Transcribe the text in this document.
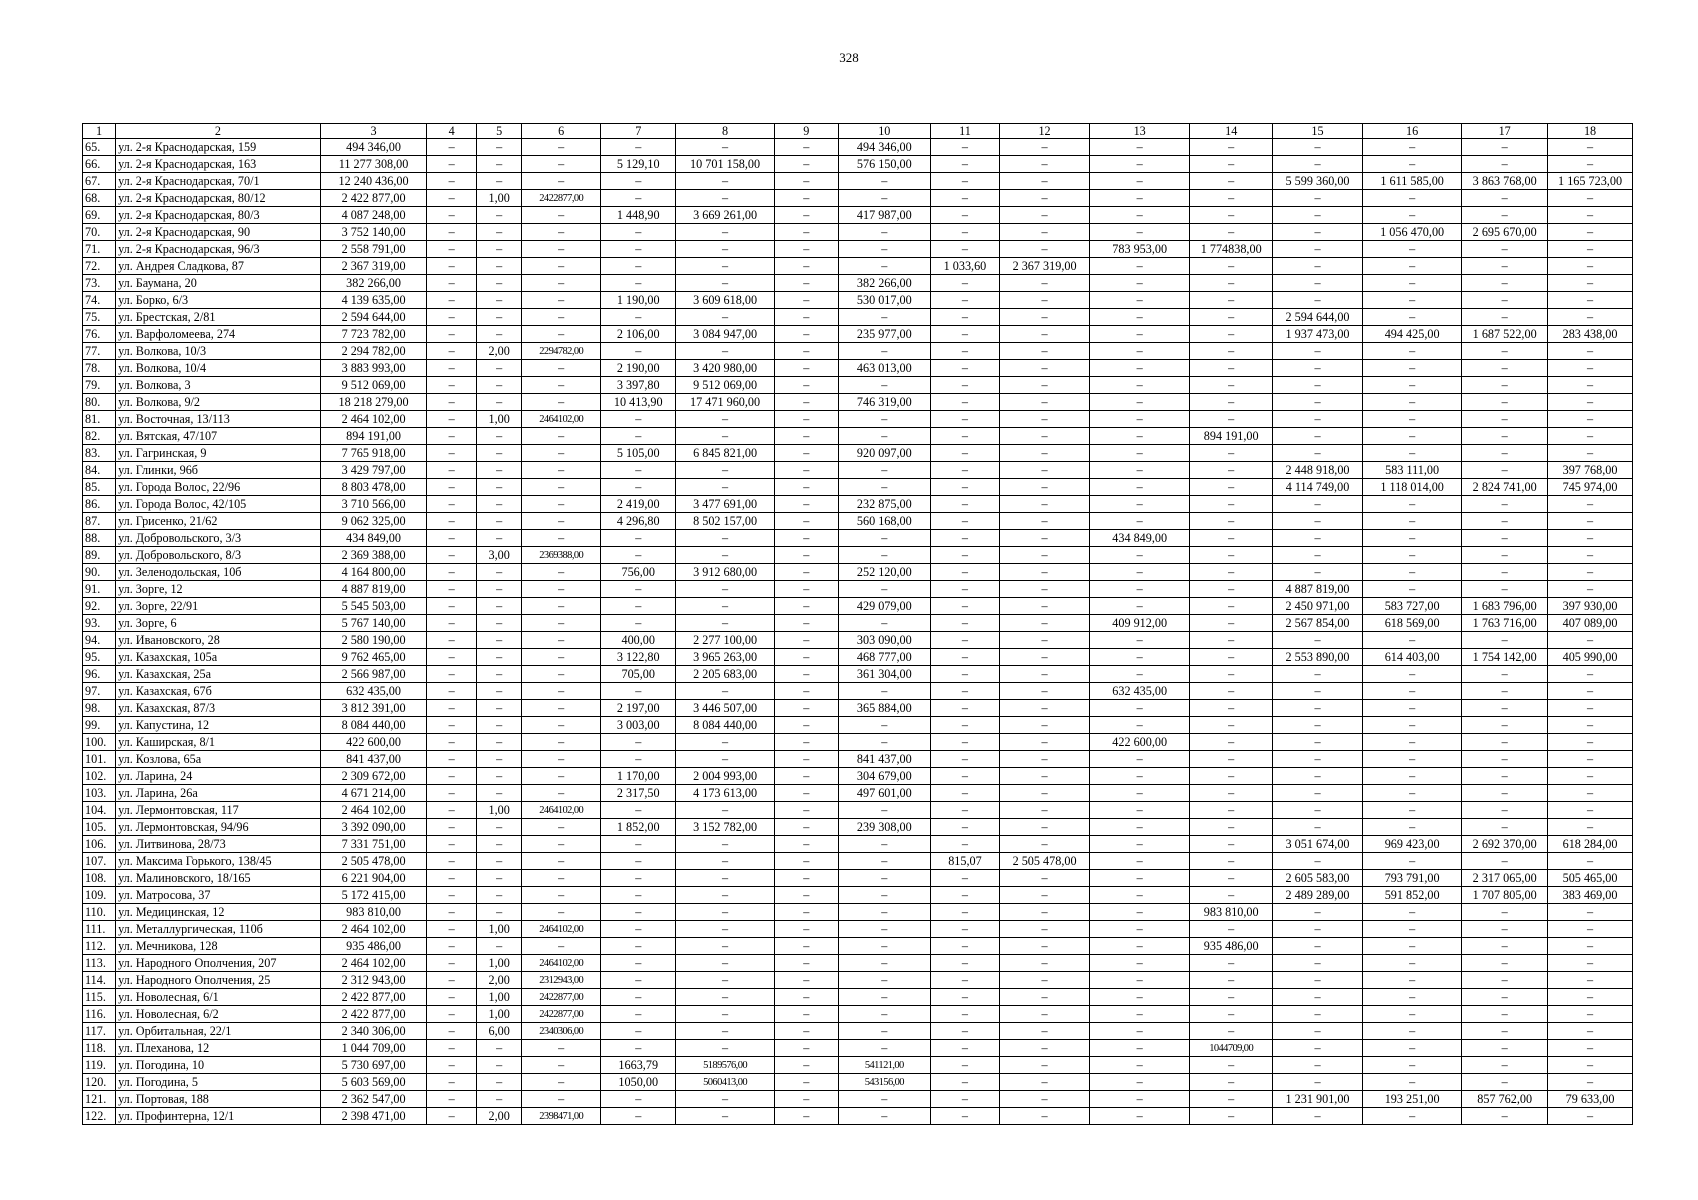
328
1	2	3	4	5	6	7	8	9	10	11	12	13	14	15	16	17	18
65.	ул. 2-я Краснодарская, 159	494 346,00	–	–	–	–	–	–	494 346,00	–	–	–	–	–	–	–	–
66.	ул. 2-я Краснодарская, 163	11 277 308,00	–	–	–	5 129,10	10 701 158,00	–	576 150,00	–	–	–	–	–	–	–	–
67.	ул. 2-я Краснодарская, 70/1	12 240 436,00	–	–	–	–	–	–	–	–	–	–	–	5 599 360,00	1 611 585,00	3 863 768,00	1 165 723,00
68.	ул. 2-я Краснодарская, 80/12	2 422 877,00	–	1,00	2422877,00	–	–	–	–	–	–	–	–	–	–	–	–
69.	ул. 2-я Краснодарская, 80/3	4 087 248,00	–	–	–	1 448,90	3 669 261,00	–	417 987,00	–	–	–	–	–	–	–	–
70.	ул. 2-я Краснодарская, 90	3 752 140,00	–	–	–	–	–	–	–	–	–	–	–	–	1 056 470,00	2 695 670,00	–
71.	ул. 2-я Краснодарская, 96/3	2 558 791,00	–	–	–	–	–	–	–	–	–	783 953,00	1 774838,00	–	–	–	–
72.	ул. Андрея Сладкова, 87	2 367 319,00	–	–	–	–	–	–	–	1 033,60	2 367 319,00	–	–	–	–	–	–
73.	ул. Баумана, 20	382 266,00	–	–	–	–	–	–	382 266,00	–	–	–	–	–	–	–	–
74.	ул. Борко, 6/3	4 139 635,00	–	–	–	1 190,00	3 609 618,00	–	530 017,00	–	–	–	–	–	–	–	–
75.	ул. Брестская, 2/81	2 594 644,00	–	–	–	–	–	–	–	–	–	–	–	2 594 644,00	–	–	–
76.	ул. Варфоломеева, 274	7 723 782,00	–	–	–	2 106,00	3 084 947,00	–	235 977,00	–	–	–	–	1 937 473,00	494 425,00	1 687 522,00	283 438,00
77.	ул. Волкова, 10/3	2 294 782,00	–	2,00	2294782,00	–	–	–	–	–	–	–	–	–	–	–	–
78.	ул. Волкова, 10/4	3 883 993,00	–	–	–	2 190,00	3 420 980,00	–	463 013,00	–	–	–	–	–	–	–	–
79.	ул. Волкова, 3	9 512 069,00	–	–	–	3 397,80	9 512 069,00	–	–	–	–	–	–	–	–	–	–
80.	ул. Волкова, 9/2	18 218 279,00	–	–	–	10 413,90	17 471 960,00	–	746 319,00	–	–	–	–	–	–	–	–
81.	ул. Восточная, 13/113	2 464 102,00	–	1,00	2464102,00	–	–	–	–	–	–	–	–	–	–	–	–
82.	ул. Вятская, 47/107	894 191,00	–	–	–	–	–	–	–	–	–	–	894 191,00	–	–	–	–
83.	ул. Гагринская, 9	7 765 918,00	–	–	–	5 105,00	6 845 821,00	–	920 097,00	–	–	–	–	–	–	–	–
84.	ул. Глинки, 96б	3 429 797,00	–	–	–	–	–	–	–	–	–	–	–	2 448 918,00	583 111,00	–	397 768,00
85.	ул. Города Волос, 22/96	8 803 478,00	–	–	–	–	–	–	–	–	–	–	–	4 114 749,00	1 118 014,00	2 824 741,00	745 974,00
86.	ул. Города Волос, 42/105	3 710 566,00	–	–	–	2 419,00	3 477 691,00	–	232 875,00	–	–	–	–	–	–	–	–
87.	ул. Грисенко, 21/62	9 062 325,00	–	–	–	4 296,80	8 502 157,00	–	560 168,00	–	–	–	–	–	–	–	–
88.	ул. Добровольского, 3/3	434 849,00	–	–	–	–	–	–	–	–	–	434 849,00	–	–	–	–	–
89.	ул. Добровольского, 8/3	2 369 388,00	–	3,00	2369388,00	–	–	–	–	–	–	–	–	–	–	–	–
90.	ул. Зеленодольская, 10б	4 164 800,00	–	–	–	756,00	3 912 680,00	–	252 120,00	–	–	–	–	–	–	–	–
91.	ул. Зорге, 12	4 887 819,00	–	–	–	–	–	–	–	–	–	–	–	4 887 819,00	–	–	–
92.	ул. Зорге, 22/91	5 545 503,00	–	–	–	–	–	–	429 079,00	–	–	–	–	2 450 971,00	583 727,00	1 683 796,00	397 930,00
93.	ул. Зорге, 6	5 767 140,00	–	–	–	–	–	–	–	–	–	409 912,00	–	2 567 854,00	618 569,00	1 763 716,00	407 089,00
94.	ул. Ивановского, 28	2 580 190,00	–	–	–	400,00	2 277 100,00	–	303 090,00	–	–	–	–	–	–	–	–
95.	ул. Казахская, 105а	9 762 465,00	–	–	–	3 122,80	3 965 263,00	–	468 777,00	–	–	–	–	2 553 890,00	614 403,00	1 754 142,00	405 990,00
96.	ул. Казахская, 25а	2 566 987,00	–	–	–	705,00	2 205 683,00	–	361 304,00	–	–	–	–	–	–	–	–
97.	ул. Казахская, 67б	632 435,00	–	–	–	–	–	–	–	–	–	632 435,00	–	–	–	–	–
98.	ул. Казахская, 87/3	3 812 391,00	–	–	–	2 197,00	3 446 507,00	–	365 884,00	–	–	–	–	–	–	–	–
99.	ул. Капустина, 12	8 084 440,00	–	–	–	3 003,00	8 084 440,00	–	–	–	–	–	–	–	–	–	–
100.	ул. Каширская, 8/1	422 600,00	–	–	–	–	–	–	–	–	–	422 600,00	–	–	–	–	–
101.	ул. Козлова, 65а	841 437,00	–	–	–	–	–	–	841 437,00	–	–	–	–	–	–	–	–
102.	ул. Ларина, 24	2 309 672,00	–	–	–	1 170,00	2 004 993,00	–	304 679,00	–	–	–	–	–	–	–	–
103.	ул. Ларина, 26а	4 671 214,00	–	–	–	2 317,50	4 173 613,00	–	497 601,00	–	–	–	–	–	–	–	–
104.	ул. Лермонтовская, 117	2 464 102,00	–	1,00	2464102,00	–	–	–	–	–	–	–	–	–	–	–	–
105.	ул. Лермонтовская, 94/96	3 392 090,00	–	–	–	1 852,00	3 152 782,00	–	239 308,00	–	–	–	–	–	–	–	–
106.	ул. Литвинова, 28/73	7 331 751,00	–	–	–	–	–	–	–	–	–	–	–	3 051 674,00	969 423,00	2 692 370,00	618 284,00
107.	ул. Максима Горького, 138/45	2 505 478,00	–	–	–	–	–	–	–	815,07	2 505 478,00	–	–	–	–	–	–
108.	ул. Малиновского, 18/165	6 221 904,00	–	–	–	–	–	–	–	–	–	–	–	2 605 583,00	793 791,00	2 317 065,00	505 465,00
109.	ул. Матросова, 37	5 172 415,00	–	–	–	–	–	–	–	–	–	–	–	2 489 289,00	591 852,00	1 707 805,00	383 469,00
110.	ул. Медицинская, 12	983 810,00	–	–	–	–	–	–	–	–	–	–	983 810,00	–	–	–	–
111.	ул. Металлургическая, 110б	2 464 102,00	–	1,00	2464102,00	–	–	–	–	–	–	–	–	–	–	–	–
112.	ул. Мечникова, 128	935 486,00	–	–	–	–	–	–	–	–	–	–	935 486,00	–	–	–	–
113.	ул. Народного Ополчения, 207	2 464 102,00	–	1,00	2464102,00	–	–	–	–	–	–	–	–	–	–	–	–
114.	ул. Народного Ополчения, 25	2 312 943,00	–	2,00	2312943,00	–	–	–	–	–	–	–	–	–	–	–	–
115.	ул. Новолесная, 6/1	2 422 877,00	–	1,00	2422877,00	–	–	–	–	–	–	–	–	–	–	–	–
116.	ул. Новолесная, 6/2	2 422 877,00	–	1,00	2422877,00	–	–	–	–	–	–	–	–	–	–	–	–
117.	ул. Орбитальная, 22/1	2 340 306,00	–	6,00	2340306,00	–	–	–	–	–	–	–	–	–	–	–	–
118.	ул. Плеханова, 12	1 044 709,00	–	–	–	–	–	–	–	–	–	–	1044709,00	–	–	–	–
119.	ул. Погодина, 10	5 730 697,00	–	–	–	1663,79	5189576,00	–	541121,00	–	–	–	–	–	–	–	–
120.	ул. Погодина, 5	5 603 569,00	–	–	–	1050,00	5060413,00	–	543156,00	–	–	–	–	–	–	–	–
121.	ул. Портовая, 188	2 362 547,00	–	–	–	–	–	–	–	–	–	–	–	1 231 901,00	193 251,00	857 762,00	79 633,00
122.	ул. Профинтерна, 12/1	2 398 471,00	–	2,00	2398471,00	–	–	–	–	–	–	–	–	–	–	–	–
